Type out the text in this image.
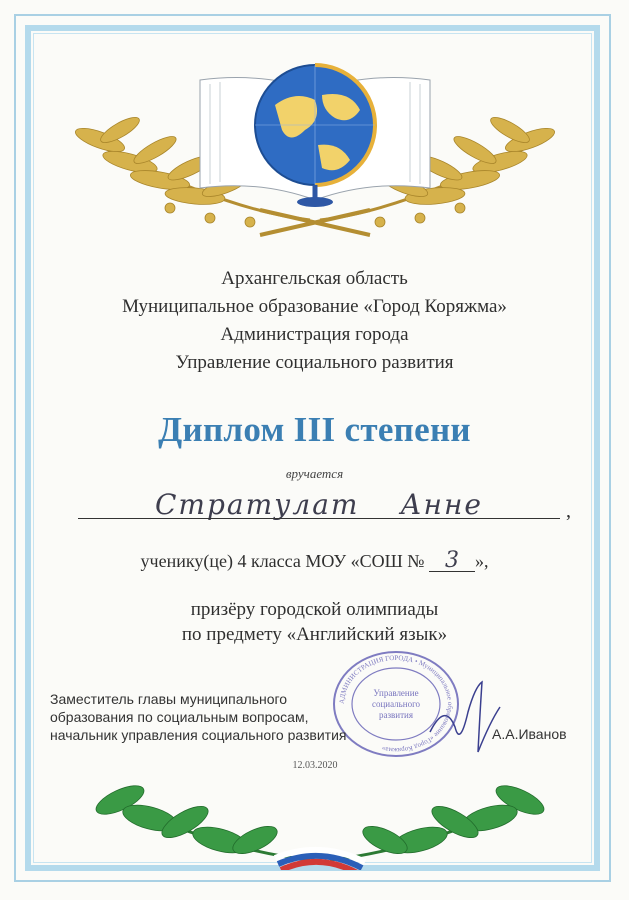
Архангельская область
Муниципальное образование «Город Коряжма»
Администрация города
Управление социального развития
Диплом III степени
вручается
Стратулат Анне	,
ученику(це) 4 класса МОУ «СОШ № 3 »,
призёру городской олимпиады
по предмету «Английский язык»
АДМИНИСТРАЦИЯ ГОРОДА • Муниципальное образование «Город Коряжма»
Управление
социального
развития
Заместитель главы муниципального
образования по социальным вопросам,
начальник управления социального развития	А.А.Иванов
12.03.2020
